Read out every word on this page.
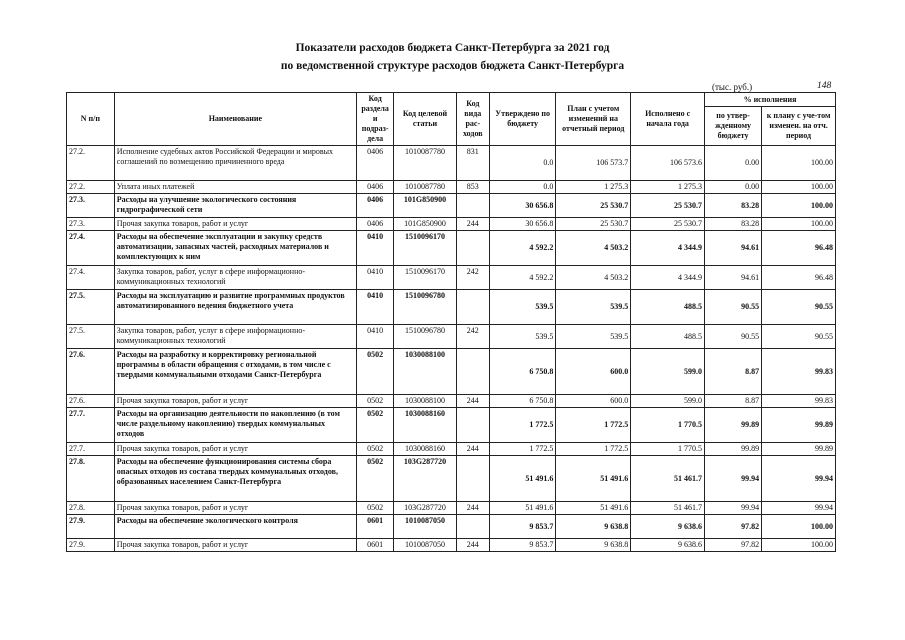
Показатели расходов бюджета Санкт-Петербурга за 2021 год
по ведомственной структуре расходов бюджета Санкт-Петербурга
(тыс. руб.)	148
N п/п	Наименование	Код раздела и подраз-дела	Код целевой статьи	Код вида рас-ходов	Утверждено по бюджету	План с учетом изменений на отчетный период	Исполнено с начала года	% исполнения	
								по утвер-жденному бюджету	к плану с уче-том измeнен. на отч. период
27.2.	Исполнение судебных актов Российской Федерации и мировых соглашений по возмещению причиненного вреда	0406	1010087780	831	0.0	106 573.7	106 573.6	0.00	100.00
27.2.	Уплата иных платежей	0406	1010087780	853	0.0	1 275.3	1 275.3	0.00	100.00
27.3.	Расходы на улучшение экологического состояния гидрографической сети	0406	101G850900		30 656.8	25 530.7	25 530.7	83.28	100.00
27.3.	Прочая закупка товаров, работ и услуг	0406	101G850900	244	30 656.8	25 530.7	25 530.7	83.28	100.00
27.4.	Расходы на обеспечение эксплуатации и закупку средств автоматизации, запасных частей, расходных материалов и комплектующих к ним	0410	1510096170		4 592.2	4 503.2	4 344.9	94.61	96.48
27.4.	Закупка товаров, работ, услуг в сфере информационно-коммуникационных технологий	0410	1510096170	242	4 592.2	4 503.2	4 344.9	94.61	96.48
27.5.	Расходы на эксплуатацию и развитие программных продуктов автоматизированного ведения бюджетного учета	0410	1510096780		539.5	539.5	488.5	90.55	90.55
27.5.	Закупка товаров, работ, услуг в сфере информационно-коммуникационных технологий	0410	1510096780	242	539.5	539.5	488.5	90.55	90.55
27.6.	Расходы на разработку и корректировку региональной программы в области обращения с отходами, в том числе с твердыми коммунальными отходами Санкт-Петербурга	0502	1030088100		6 750.8	600.0	599.0	8.87	99.83
27.6.	Прочая закупка товаров, работ и услуг	0502	1030088100	244	6 750.8	600.0	599.0	8.87	99.83
27.7.	Расходы на организацию деятельности по накоплению (в том числе раздельному накоплению) твердых коммунальных отходов	0502	1030088160		1 772.5	1 772.5	1 770.5	99.89	99.89
27.7.	Прочая закупка товаров, работ и услуг	0502	1030088160	244	1 772.5	1 772.5	1 770.5	99.89	99.89
27.8.	Расходы на обеспечение функционирования системы сбора опасных отходов из состава твердых коммунальных отходов, образованных населением Санкт-Петербурга	0502	103G287720		51 491.6	51 491.6	51 461.7	99.94	99.94
27.8.	Прочая закупка товаров, работ и услуг	0502	103G287720	244	51 491.6	51 491.6	51 461.7	99.94	99.94
27.9.	Расходы на обеспечение экологического контроля	0601	1010087050		9 853.7	9 638.8	9 638.6	97.82	100.00
27.9.	Прочая закупка товаров, работ и услуг	0601	1010087050	244	9 853.7	9 638.8	9 638.6	97.82	100.00
